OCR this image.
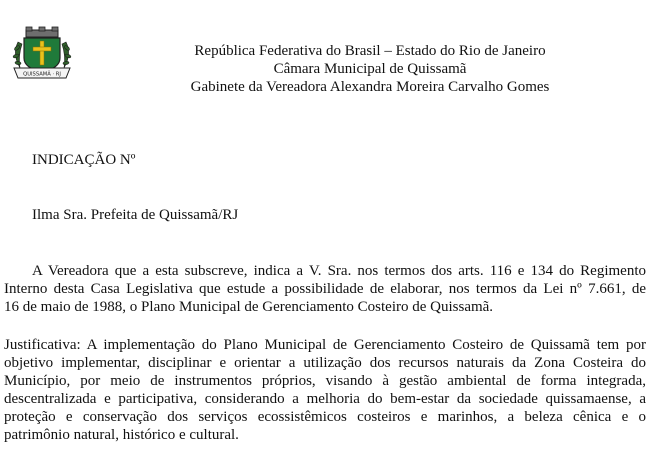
QUISSAMÃ · RJ
República Federativa do Brasil – Estado do Rio de Janeiro
Câmara Municipal de Quissamã
Gabinete da Vereadora Alexandra Moreira Carvalho Gomes
INDICAÇÃO Nº
Ilma Sra. Prefeita de Quissamã/RJ
A Vereadora que a esta subscreve, indica a V. Sra. nos termos dos arts. 116 e 134 do Regimento
Interno desta Casa Legislativa que estude a possibilidade de elaborar, nos termos da Lei nº 7.661, de
16 de maio de 1988, o Plano Municipal de Gerenciamento Costeiro de Quissamã.
Justificativa: A implementação do Plano Municipal de Gerenciamento Costeiro de Quissamã tem por
objetivo implementar, disciplinar e orientar a utilização dos recursos naturais da Zona Costeira do
Município, por meio de instrumentos próprios, visando à gestão ambiental de forma integrada,
descentralizada e participativa, considerando a melhoria do bem-estar da sociedade quissamaense, a
proteção e conservação dos serviços ecossistêmicos costeiros e marinhos, a beleza cênica e o
patrimônio natural, histórico e cultural.
